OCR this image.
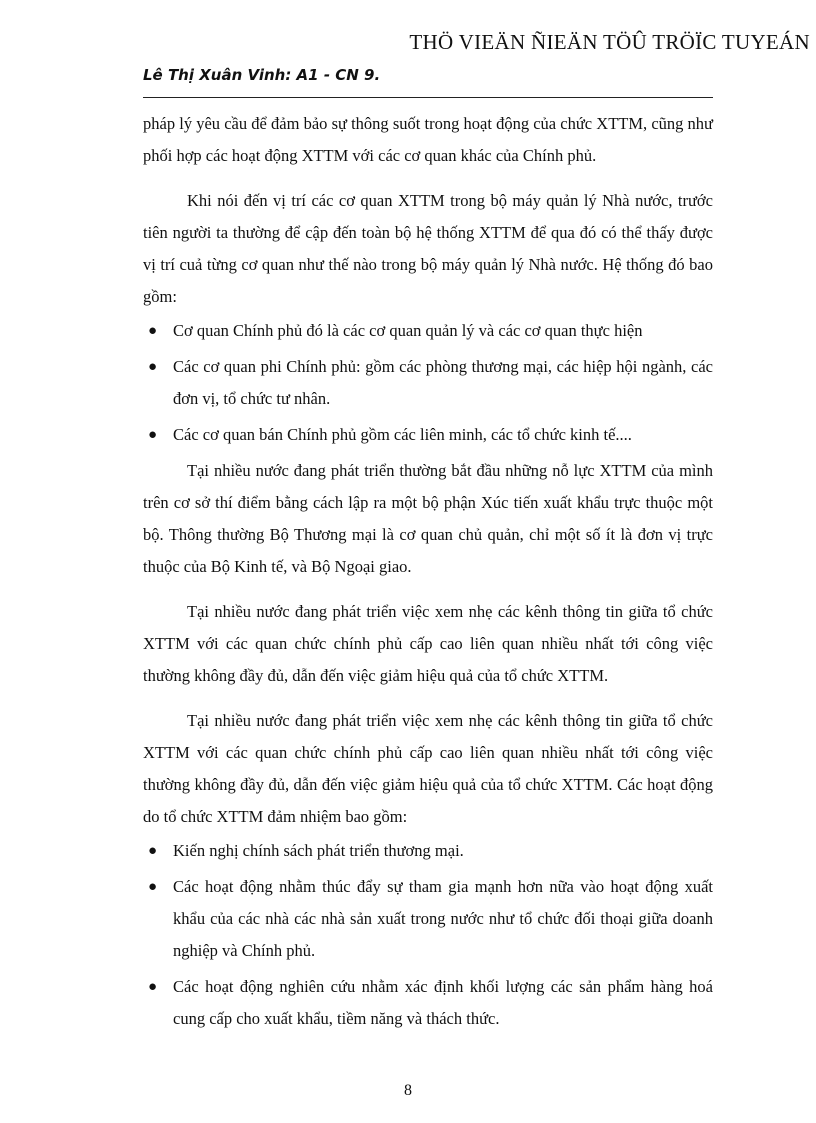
THÖ VIEÄN ÑIEÄN TÖÛ TRÖÏC TUYEÁN
Lê Thị Xuân Vinh: A1 - CN 9.

pháp lý yêu cầu để đảm bảo sự thông suốt trong hoạt động của chức XTTM, cũng như phối hợp các hoạt động XTTM với các cơ quan khác của Chính phủ.

Khi nói đến vị trí các cơ quan XTTM trong bộ máy quản lý Nhà nước, trước tiên người ta thường để cập đến toàn bộ hệ thống XTTM để qua đó có thể thấy được vị trí cuả từng cơ quan như thế nào trong bộ máy quản lý Nhà nước. Hệ thống đó bao gồm:

● Cơ quan Chính phủ đó là các cơ quan quản lý và các cơ quan thực hiện
● Các cơ quan phi Chính phủ: gồm các phòng thương mại, các hiệp hội ngành, các đơn vị, tổ chức tư nhân.
● Các cơ quan bán Chính phủ gồm các liên minh, các tổ chức kinh tế....

Tại nhiều nước đang phát triển thường bắt đầu những nỗ lực XTTM của mình trên cơ sở thí điểm bằng cách lập ra một bộ phận Xúc tiến xuất khẩu trực thuộc một bộ. Thông thường Bộ Thương mại là cơ quan chủ quản, chỉ một số ít là đơn vị trực thuộc của Bộ Kinh tế, và Bộ Ngoại giao.

Tại nhiều nước đang phát triển việc xem nhẹ các kênh thông tin giữa tổ chức XTTM với các quan chức chính phủ cấp cao liên quan nhiều nhất tới công việc thường không đầy đủ, dẫn đến việc giảm hiệu quả của tổ chức XTTM.

Tại nhiều nước đang phát triển việc xem nhẹ các kênh thông tin giữa tổ chức XTTM với các quan chức chính phủ cấp cao liên quan nhiều nhất tới công việc thường không đầy đủ, dẫn đến việc giảm hiệu quả của tổ chức XTTM. Các hoạt động do tổ chức XTTM đảm nhiệm bao gồm:

● Kiến nghị chính sách phát triển thương mại.
● Các hoạt động nhằm thúc đẩy sự tham gia mạnh hơn nữa vào hoạt động xuất khẩu của các nhà các nhà sản xuất trong nước như tổ chức đối thoại giữa doanh nghiệp và Chính phủ.
● Các hoạt động nghiên cứu nhằm xác định khối lượng các sản phẩm hàng hoá cung cấp cho xuất khẩu, tiềm năng và thách thức.
8
